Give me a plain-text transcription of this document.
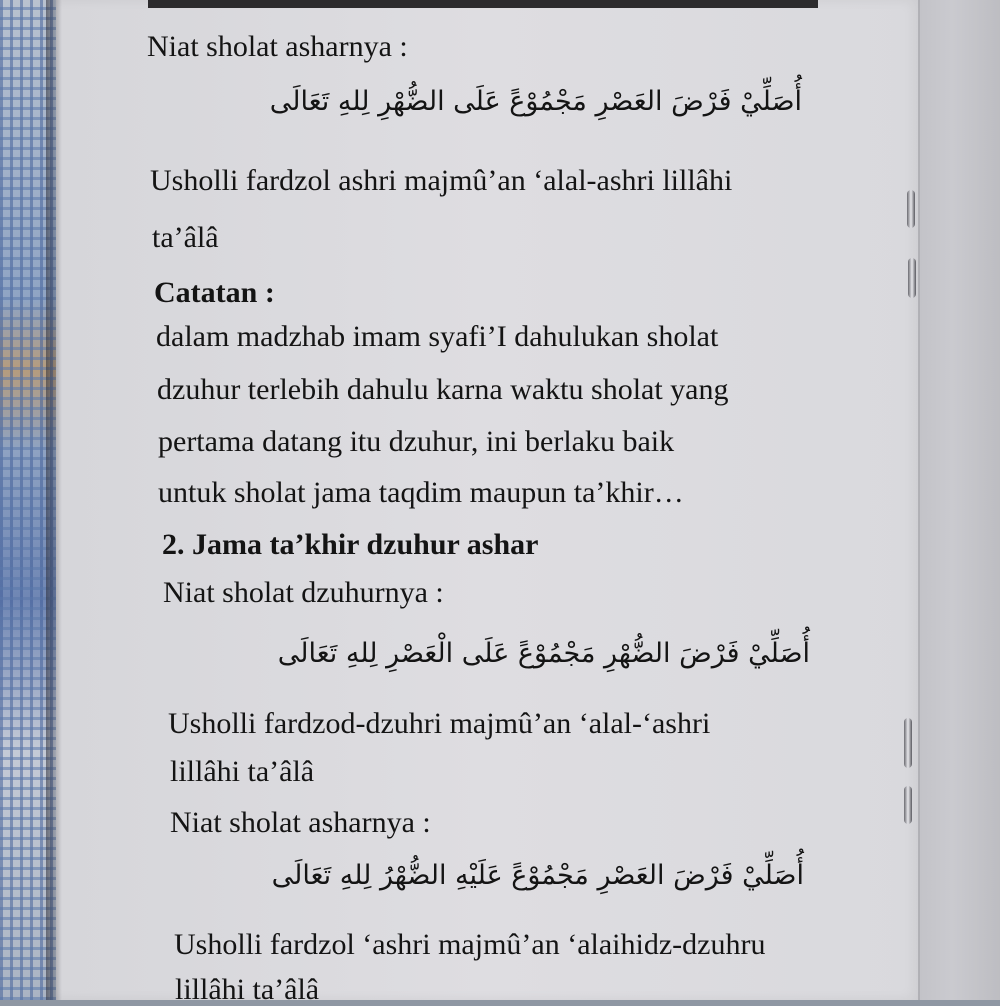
Niat sholat asharnya :

أُصَلِّيْ فَرْضَ العَصْرِ مَجْمُوْعً عَلَى الضُّهْرِ لِلهِ تَعَالَى

Usholli fardzol ashri majmû’an ‘alal-ashri lillâhi

ta’âlâ

Catatan :

dalam madzhab imam syafi’I dahulukan sholat

dzuhur terlebih dahulu karna waktu sholat yang

pertama datang itu dzuhur, ini berlaku baik

untuk sholat jama taqdim maupun ta’khir…

2. Jama ta’khir dzuhur ashar

Niat sholat dzuhurnya :

أُصَلِّيْ فَرْضَ الضُّهْرِ مَجْمُوْعً عَلَى الْعَصْرِ لِلهِ تَعَالَى

Usholli fardzod-dzuhri majmû’an ‘alal-‘ashri

lillâhi ta’âlâ

Niat sholat asharnya :

أُصَلِّيْ فَرْضَ العَصْرِ مَجْمُوْعً عَلَيْهِ الضُّهْرُ لِلهِ تَعَالَى

Usholli fardzol ‘ashri majmû’an ‘alaihidz-dzuhru

lillâhi ta’âlâ
